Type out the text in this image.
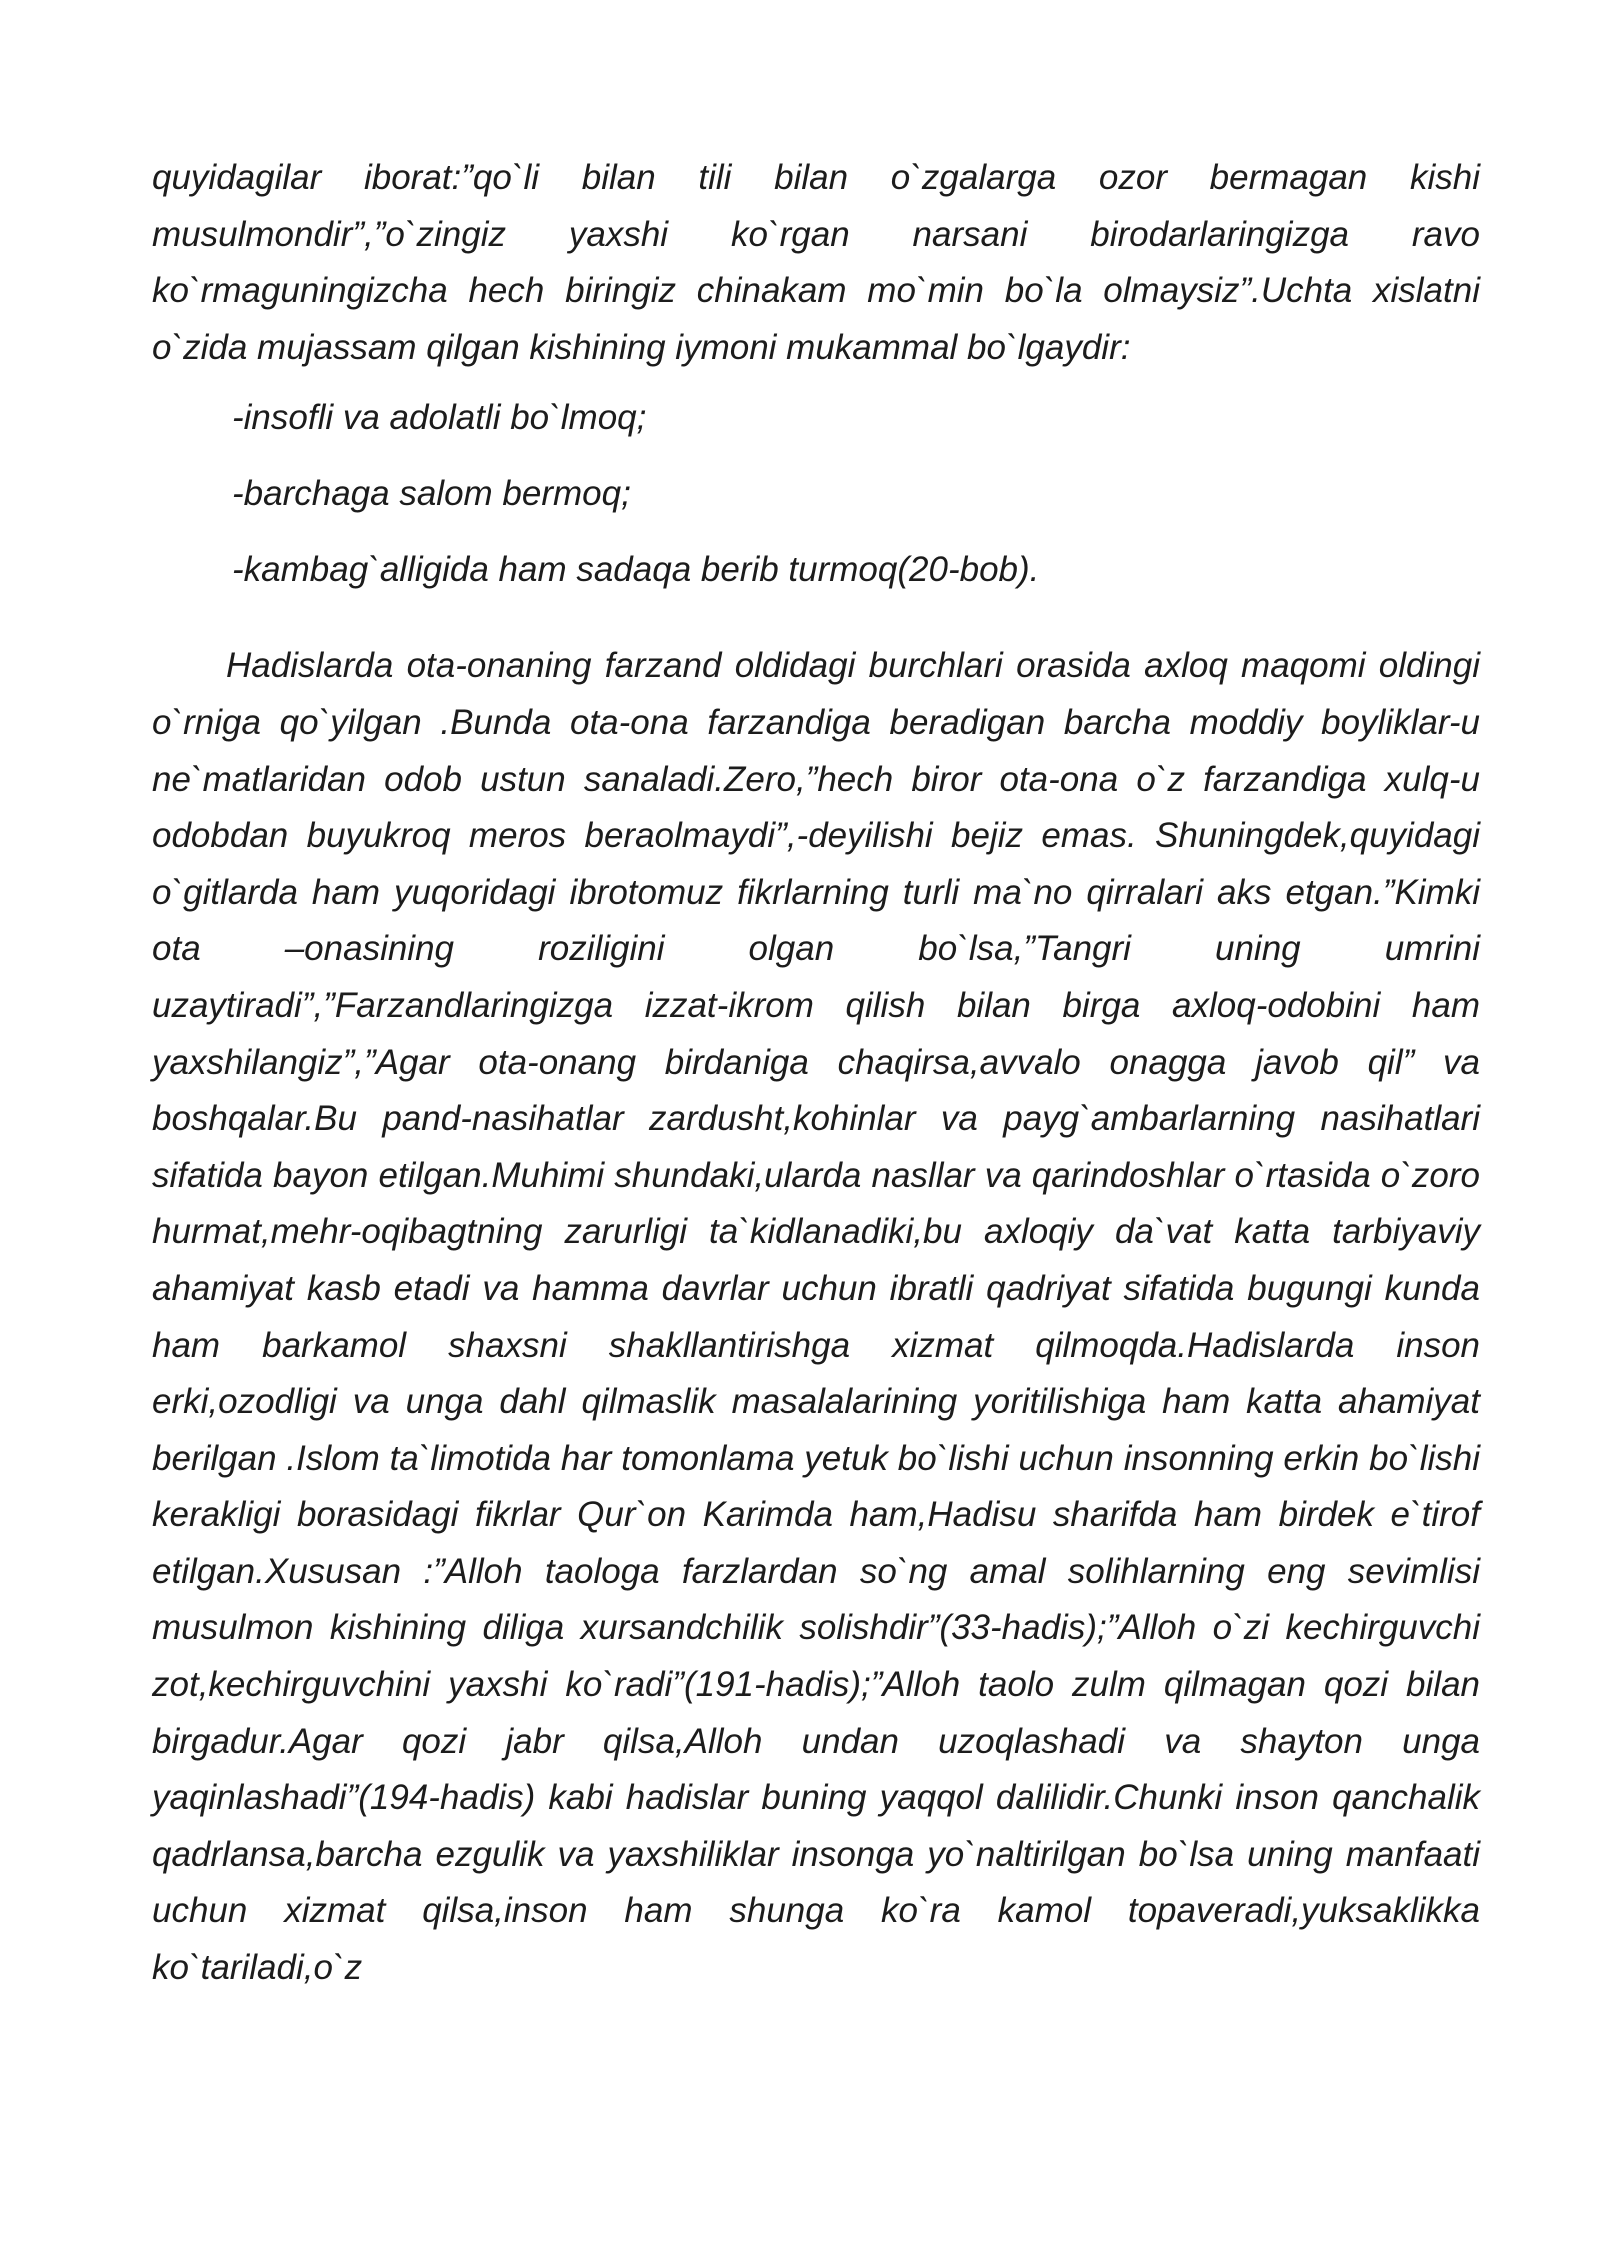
quyidagilar iborat:”qo`li bilan tili bilan o`zgalarga ozor bermagan kishi musulmondir”,”o`zingiz yaxshi ko`rgan narsani birodarlaringizga ravo ko`rmaguningizcha hech biringiz chinakam mo`min bo`la olmaysiz”.Uchta xislatni o`zida mujassam qilgan kishining iymoni mukammal bo`lgaydir:

-insofli va adolatli bo`lmoq;
-barchaga salom bermoq;
-kambag`alligida ham sadaqa berib turmoq(20-bob).

Hadislarda ota-onaning farzand oldidagi burchlari orasida axloq maqomi oldingi o`rniga qo`yilgan .Bunda ota-ona farzandiga beradigan barcha moddiy boyliklar-u ne`matlaridan odob ustun sanaladi.Zero,”hech biror ota-ona o`z farzandiga xulq-u odobdan buyukroq meros beraolmaydi”,-deyilishi bejiz emas. Shuningdek,quyidagi o`gitlarda ham yuqoridagi ibrotomuz fikrlarning turli ma`no qirralari aks etgan.”Kimki ota –onasining roziligini olgan bo`lsa,”Tangri uning umrini uzaytiradi”,”Farzandlaringizga izzat-ikrom qilish bilan birga axloq-odobini ham yaxshilangiz”,”Agar ota-onang birdaniga chaqirsa,avvalo onagga javob qil” va boshqalar.Bu pand-nasihatlar zardusht,kohinlar va payg`ambarlarning nasihatlari sifatida bayon etilgan.Muhimi shundaki,ularda nasllar va qarindoshlar o`rtasida o`zoro hurmat,mehr-oqibagtning zarurligi ta`kidlanadiki,bu axloqiy da`vat katta tarbiyaviy ahamiyat kasb etadi va hamma davrlar uchun ibratli qadriyat sifatida bugungi kunda ham barkamol shaxsni shakllantirishga xizmat qilmoqda.Hadislarda inson erki,ozodligi va unga dahl qilmaslik masalalarining yoritilishiga ham katta ahamiyat berilgan .Islom ta`limotida har tomonlama yetuk bo`lishi uchun insonning erkin bo`lishi kerakligi borasidagi fikrlar Qur`on Karimda ham,Hadisu sharifda ham birdek e`tirof etilgan.Xususan :”Alloh taologa farzlardan so`ng amal solihlarning eng sevimlisi musulmon kishining diliga xursandchilik solishdir”(33-hadis);”Alloh o`zi kechirguvchi zot,kechirguvchini yaxshi ko`radi”(191-hadis);”Alloh taolo zulm qilmagan qozi bilan birgadur.Agar qozi jabr qilsa,Alloh undan uzoqlashadi va shayton unga yaqinlashadi”(194-hadis) kabi hadislar buning yaqqol dalilidir.Chunki inson qanchalik qadrlansa,barcha ezgulik va yaxshiliklar insonga yo`naltirilgan bo`lsa uning manfaati uchun xizmat qilsa,inson ham shunga ko`ra kamol topaveradi,yuksaklikka ko`tariladi,o`z
